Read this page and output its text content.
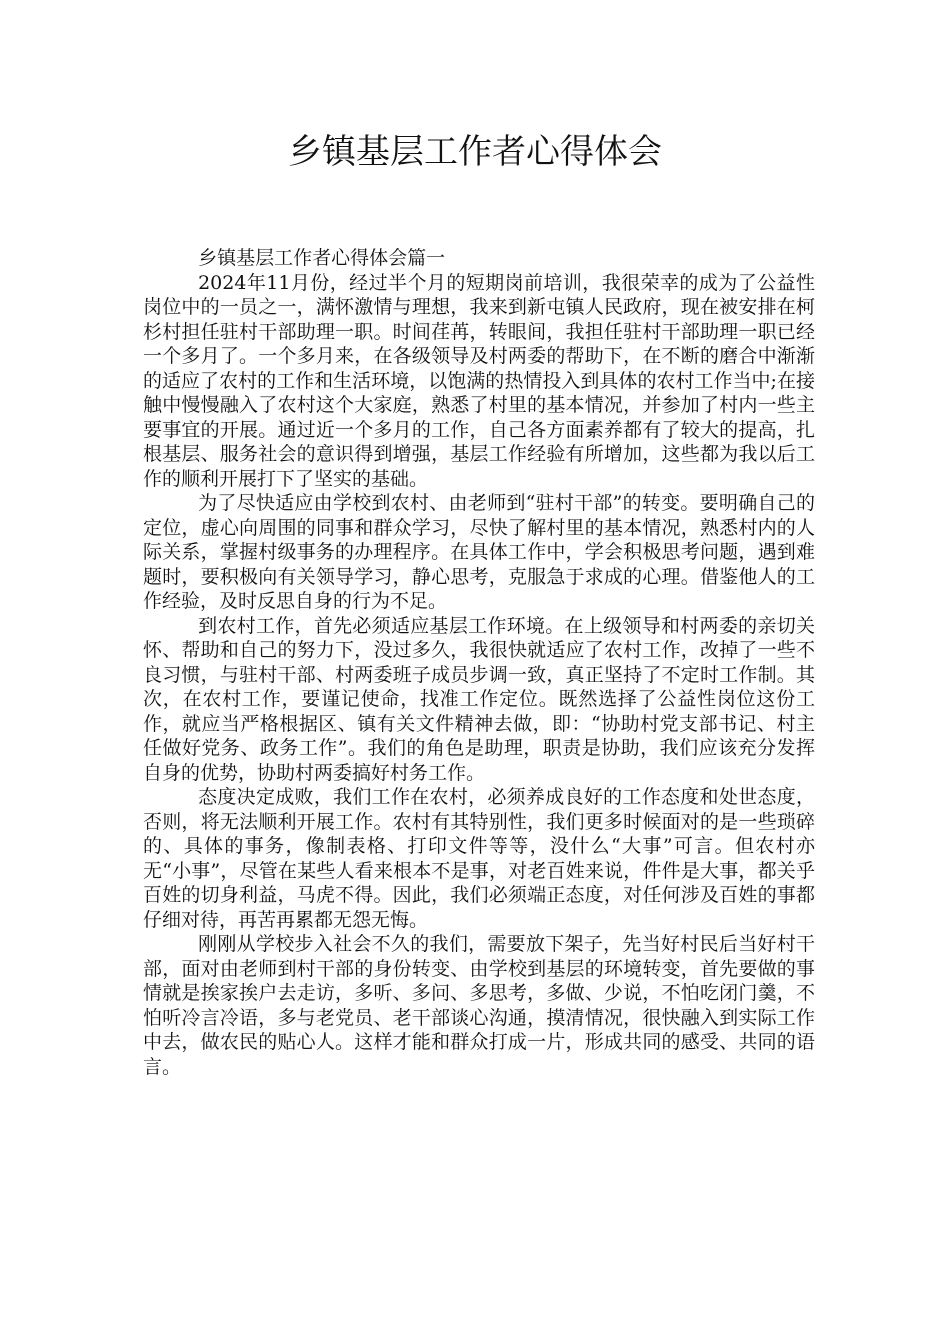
乡镇基层工作者心得体会

乡镇基层工作者心得体会篇一

2024年11月份，经过半个月的短期岗前培训，我很荣幸的成为了公益性岗位中的一员之一，满怀激情与理想，我来到新屯镇人民政府，现在被安排在柯杉村担任驻村干部助理一职。时间荏苒，转眼间，我担任驻村干部助理一职已经一个多月了。一个多月来，在各级领导及村两委的帮助下，在不断的磨合中渐渐的适应了农村的工作和生活环境，以饱满的热情投入到具体的农村工作当中;在接触中慢慢融入了农村这个大家庭，熟悉了村里的基本情况，并参加了村内一些主要事宜的开展。通过近一个多月的工作，自己各方面素养都有了较大的提高，扎根基层、服务社会的意识得到增强，基层工作经验有所增加，这些都为我以后工作的顺利开展打下了坚实的基础。

为了尽快适应由学校到农村、由老师到“驻村干部”的转变。要明确自己的定位，虚心向周围的同事和群众学习，尽快了解村里的基本情况，熟悉村内的人际关系，掌握村级事务的办理程序。在具体工作中，学会积极思考问题，遇到难题时，要积极向有关领导学习，静心思考，克服急于求成的心理。借鉴他人的工作经验，及时反思自身的行为不足。

到农村工作，首先必须适应基层工作环境。在上级领导和村两委的亲切关怀、帮助和自己的努力下，没过多久，我很快就适应了农村工作，改掉了一些不良习惯，与驻村干部、村两委班子成员步调一致，真正坚持了不定时工作制。其次，在农村工作，要谨记使命，找准工作定位。既然选择了公益性岗位这份工作，就应当严格根据区、镇有关文件精神去做，即：“协助村党支部书记、村主任做好党务、政务工作”。我们的角色是助理，职责是协助，我们应该充分发挥自身的优势，协助村两委搞好村务工作。

态度决定成败，我们工作在农村，必须养成良好的工作态度和处世态度，否则，将无法顺利开展工作。农村有其特别性，我们更多时候面对的是一些琐碎的、具体的事务，像制表格、打印文件等等，没什么“大事”可言。但农村亦无“小事”，尽管在某些人看来根本不是事，对老百姓来说，件件是大事，都关乎百姓的切身利益，马虎不得。因此，我们必须端正态度，对任何涉及百姓的事都仔细对待，再苦再累都无怨无悔。

刚刚从学校步入社会不久的我们，需要放下架子，先当好村民后当好村干部，面对由老师到村干部的身份转变、由学校到基层的环境转变，首先要做的事情就是挨家挨户去走访，多听、多问、多思考，多做、少说，不怕吃闭门羹，不怕听冷言冷语，多与老党员、老干部谈心沟通，摸清情况，很快融入到实际工作中去，做农民的贴心人。这样才能和群众打成一片，形成共同的感受、共同的语言。
